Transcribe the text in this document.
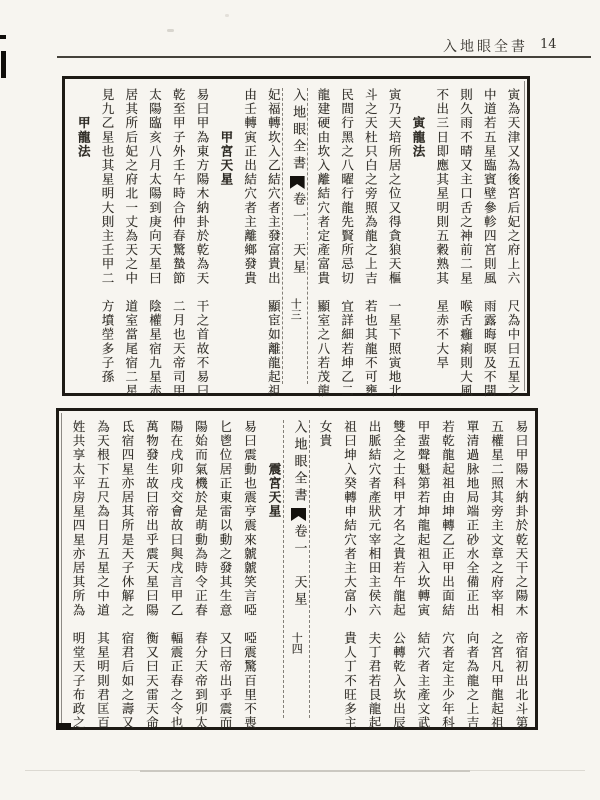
入地眼全書 14
寅為天津又為後宮后妃之府上六　尺為中曰五星之
中道若五星臨賓壁參軫四宮則風　雨露晦暝及不開
則久雨不晴又主口舌之神前二星　喉舌癰痢則大風
不出三日即應其星明則五穀熟其　星赤不大旱
　　寅龍法
寅乃天培所居之位又得貪狼天樞　一星下照寅地北
斗之天杜只白之旁照為龍之上吉　若也其龍不可壅
民間行黑之八曜行龍先賢所忌切　宜詳細若坤乙二
龍建硬由坎入離結穴者定產富貴　顯室之八若茂龍
入地眼全書卷一　天星
十三
妃福轉坎入乙結穴者主發富貴出　顯宦如離龍起祖
由壬轉寅正出結穴者主離鄉發貴
　　　甲宮天星
易曰甲為東方陽木納卦於乾為天　干之首故不易曰
乾至甲子外壬午時合仲春驚蟄節　二月也天帝司甲
太陽臨亥八月太陽到庚向天星曰　陰權星宿九星赤
居其所后妃之府北一丈為天之中　道室當尾宿二星
見九乙星也其星明大則主壬甲二　方墳塋多子孫
　　甲龍法
易曰甲陽木納卦於乾天干之陽木　帝宿初出北斗第
五權星二照其旁主文章之府宰相　之宮凡甲龍起祖
單清過脉地局端正砂水全備正出　向者為龍之上吉
若乾龍起祖由坤轉乙正甲出面結　穴者定主少年科
甲蜚聲魁第若坤龍起祖入坎轉寅　結穴者主產文武
雙全之士科甲才名之貴若午龍起　公轉乾入坎出辰
出脈結穴者產狀元宰相田主侯六　夫丁君若艮龍起
祖曰坤入癸轉申結穴者主大富小　貴人丁不旺多主
女貴
入地眼全書卷一　天星
十四
　　　震宮天星
易曰震動也震亨震來虩虩笑言啞　啞震驚百里不喪
匕鬯位居正東雷以動之發其生意　又曰帝出乎震而
陽始而氣機於是萌動為時令正春　春分天帝到卯太
陽在戌卯戌交會故曰與戌言甲乙　輻震正春之令也
萬物發生故曰帝出乎震天星曰陽　衡又曰天雷天命
氐宿四星亦居其所是天子休解之　宿君后如之壽又
為天根下五尺為日月五星之中道　其星明則君匡百
姓共享太平房星四星亦居其所為　明堂天子布政之
